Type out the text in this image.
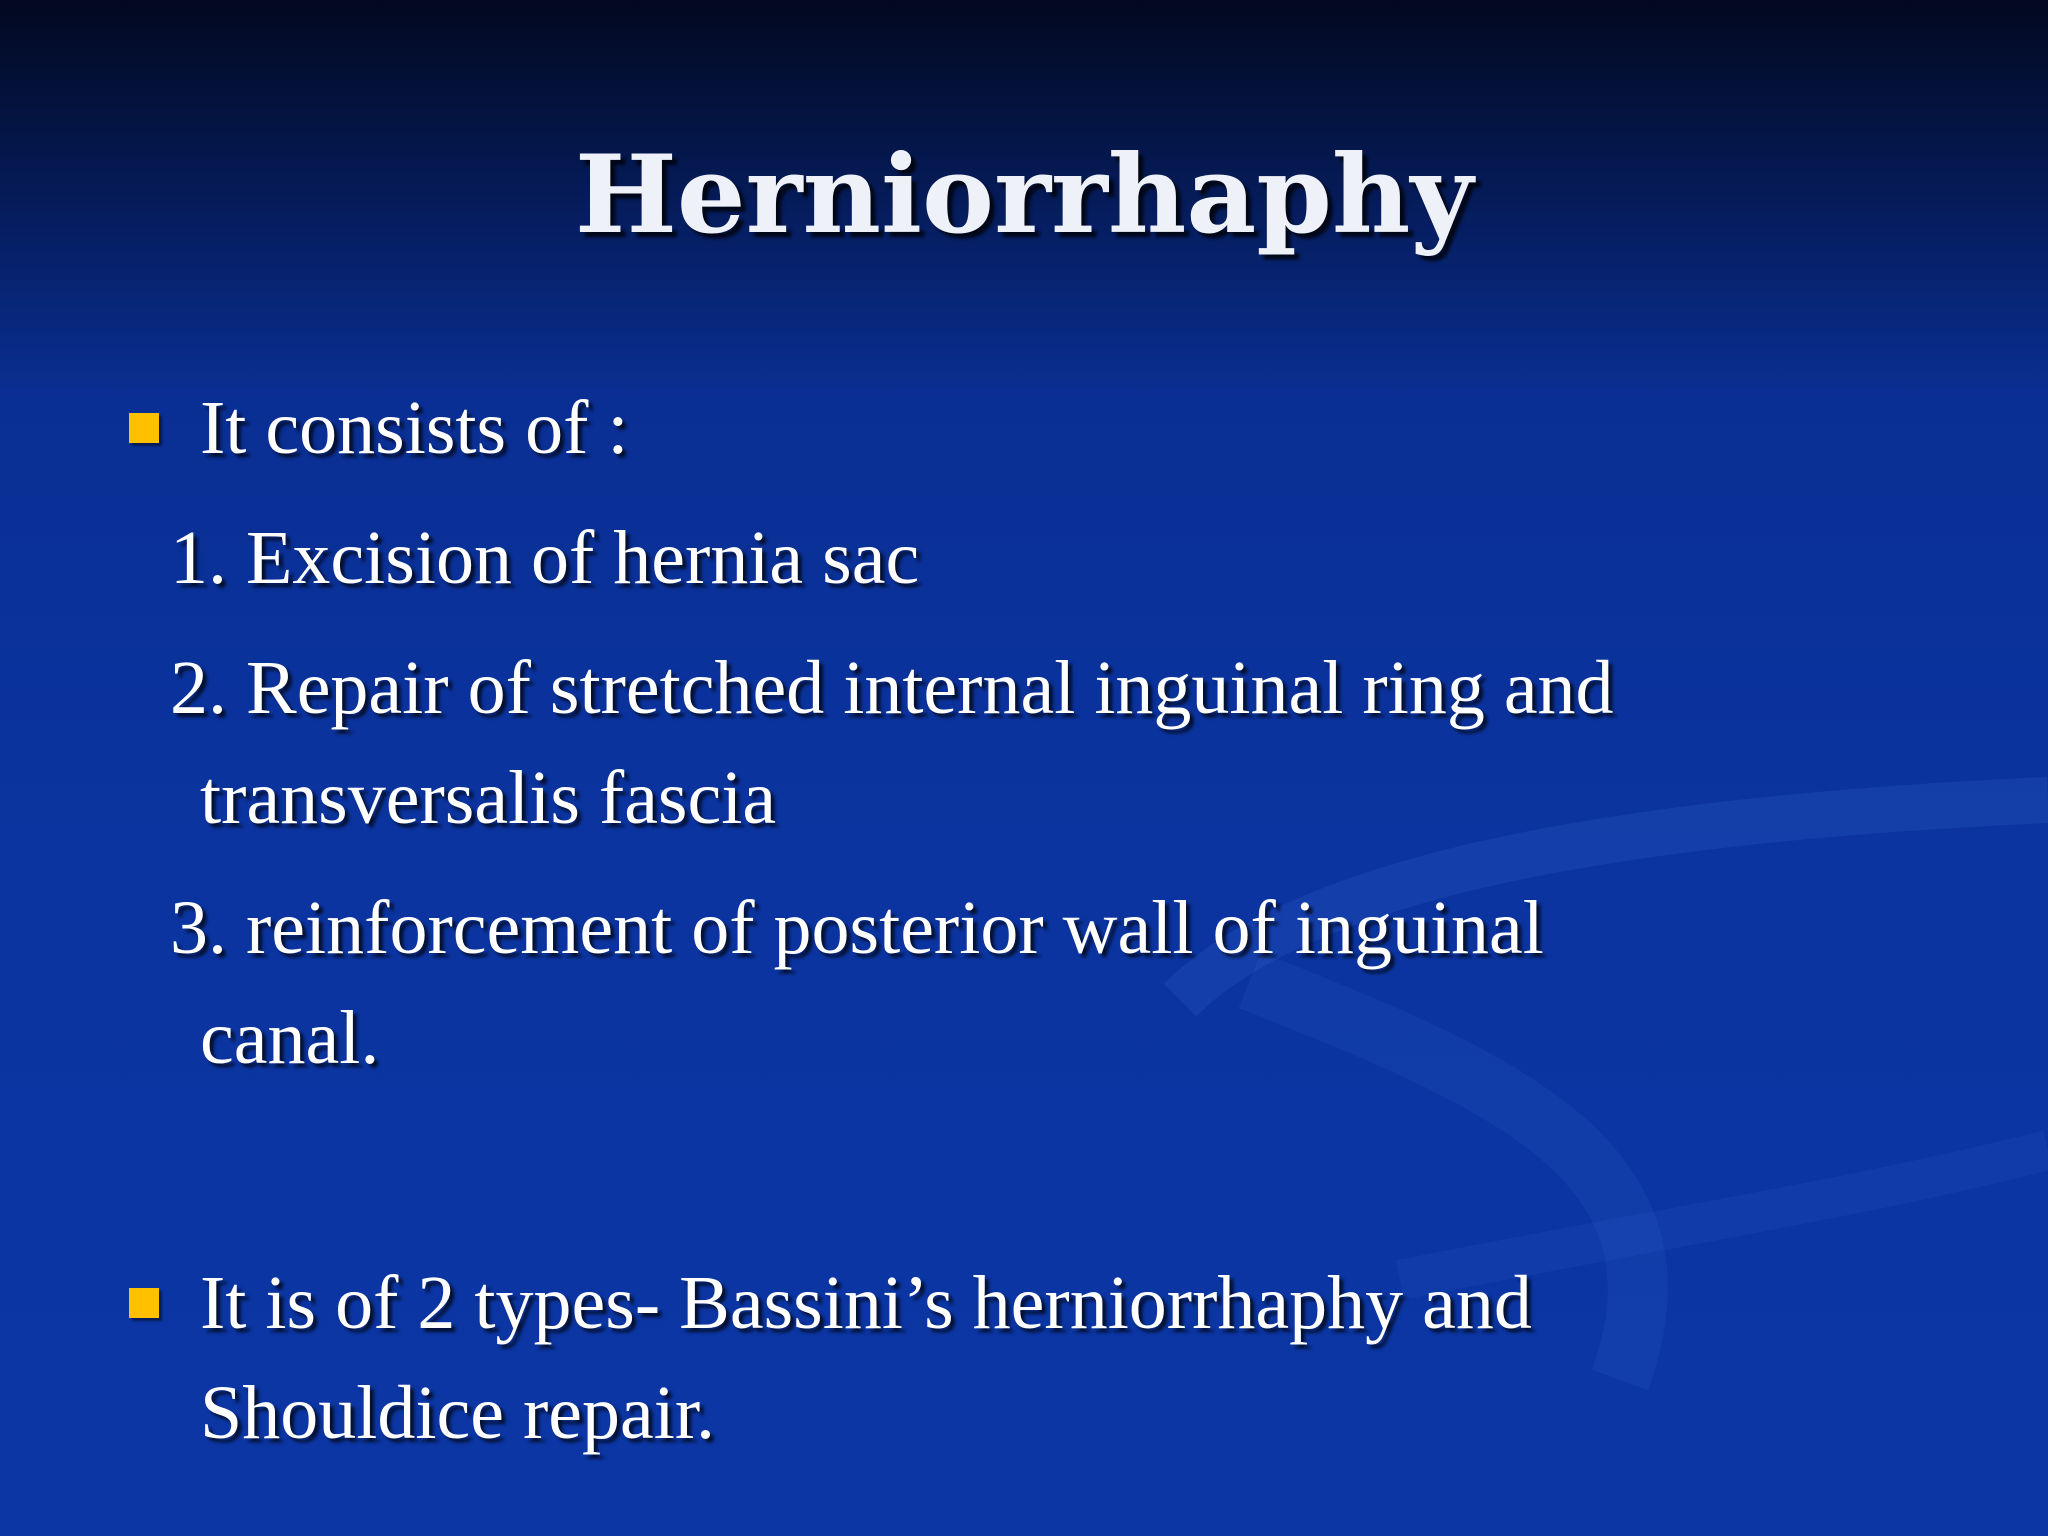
Herniorrhaphy
It consists of :
1. Excision of hernia sac
2. Repair of stretched internal inguinal ring and
transversalis fascia
3. reinforcement of posterior wall of inguinal
canal.
It is of 2 types- Bassini’s herniorrhaphy and
Shouldice repair.
